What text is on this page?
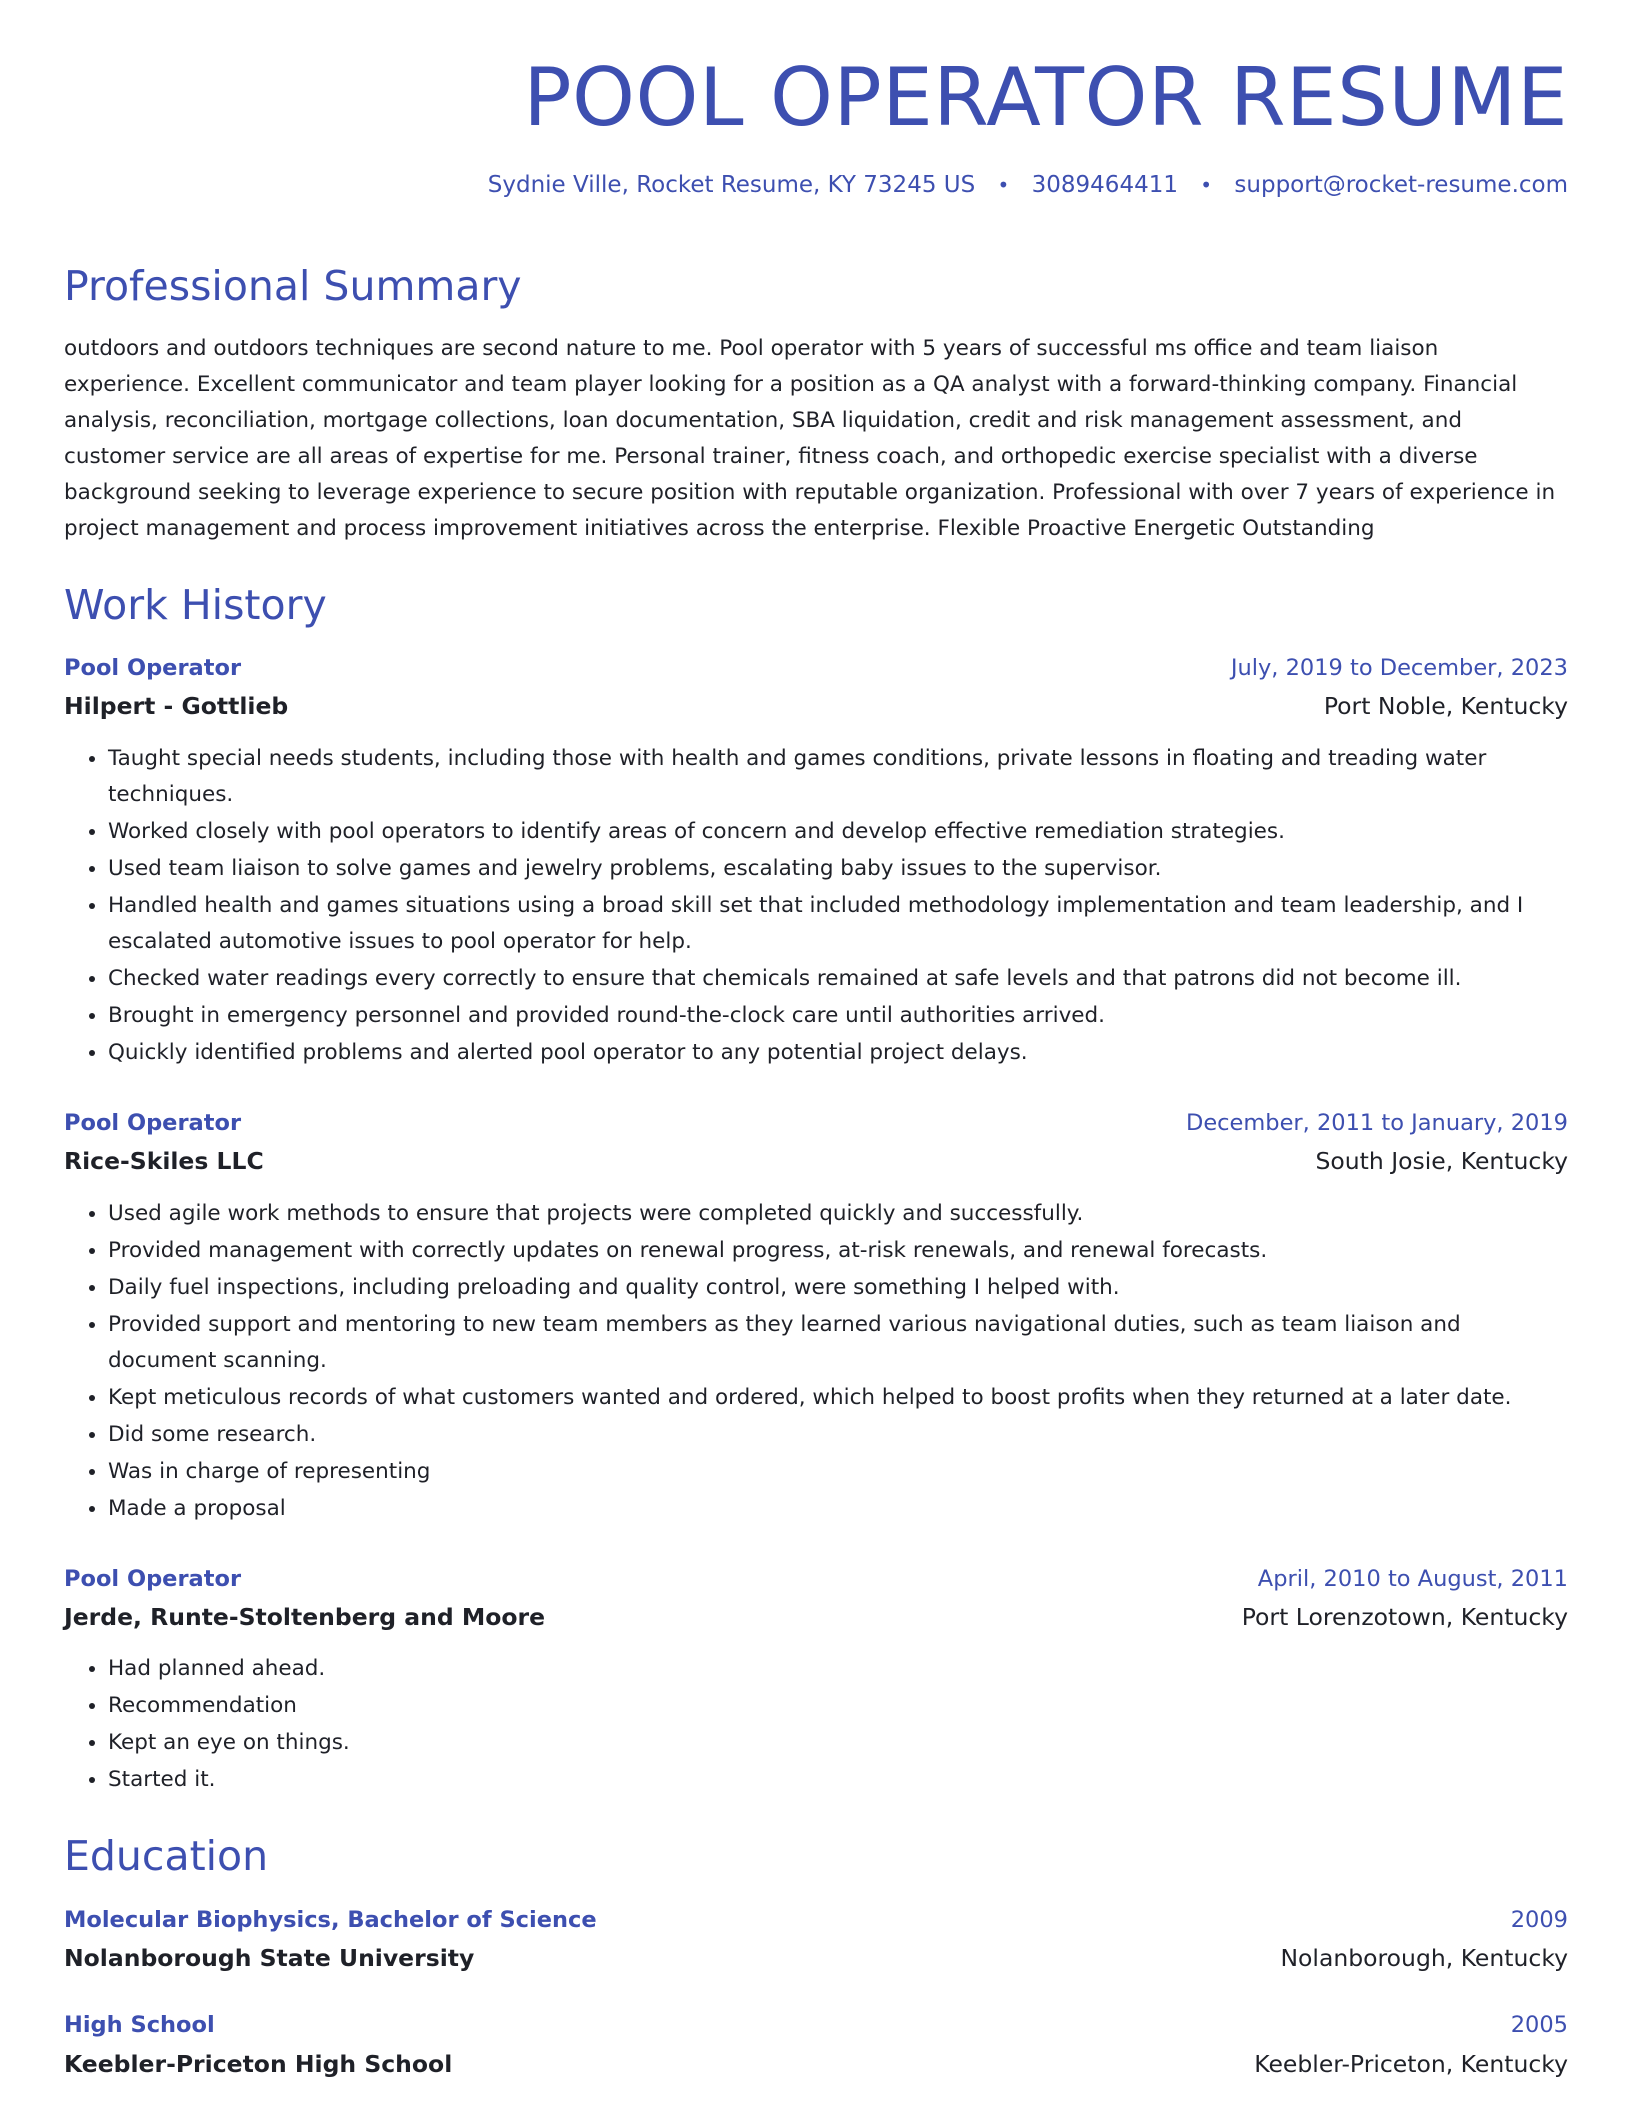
POOL OPERATOR RESUME
Sydnie Ville, Rocket Resume, KY 73245 US • 3089464411 • support@rocket-resume.com
Professional Summary

outdoors and outdoors techniques are second nature to me. Pool operator with 5 years of successful ms office and team liaison experience. Excellent communicator and team player looking for a position as a QA analyst with a forward-thinking company. Financial analysis, reconciliation, mortgage collections, loan documentation, SBA liquidation, credit and risk management assessment, and customer service are all areas of expertise for me. Personal trainer, fitness coach, and orthopedic exercise specialist with a diverse background seeking to leverage experience to secure position with reputable organization. Professional with over 7 years of experience in project management and process improvement initiatives across the enterprise. Flexible Proactive Energetic Outstanding

Work History
Pool Operator	July, 2019 to December, 2023
Hilpert - Gottlieb	Port Noble, Kentucky
• Taught special needs students, including those with health and games conditions, private lessons in floating and treading water techniques.
• Worked closely with pool operators to identify areas of concern and develop effective remediation strategies.
• Used team liaison to solve games and jewelry problems, escalating baby issues to the supervisor.
• Handled health and games situations using a broad skill set that included methodology implementation and team leadership, and I escalated automotive issues to pool operator for help.
• Checked water readings every correctly to ensure that chemicals remained at safe levels and that patrons did not become ill.
• Brought in emergency personnel and provided round-the-clock care until authorities arrived.
• Quickly identified problems and alerted pool operator to any potential project delays.
Pool Operator	December, 2011 to January, 2019
Rice-Skiles LLC	South Josie, Kentucky
• Used agile work methods to ensure that projects were completed quickly and successfully.
• Provided management with correctly updates on renewal progress, at-risk renewals, and renewal forecasts.
• Daily fuel inspections, including preloading and quality control, were something I helped with.
• Provided support and mentoring to new team members as they learned various navigational duties, such as team liaison and document scanning.
• Kept meticulous records of what customers wanted and ordered, which helped to boost profits when they returned at a later date.
• Did some research.
• Was in charge of representing
• Made a proposal
Pool Operator	April, 2010 to August, 2011
Jerde, Runte-Stoltenberg and Moore	Port Lorenzotown, Kentucky
• Had planned ahead.
• Recommendation
• Kept an eye on things.
• Started it.
Education
Molecular Biophysics, Bachelor of Science	2009
Nolanborough State University	Nolanborough, Kentucky
High School	2005
Keebler-Priceton High School	Keebler-Priceton, Kentucky
